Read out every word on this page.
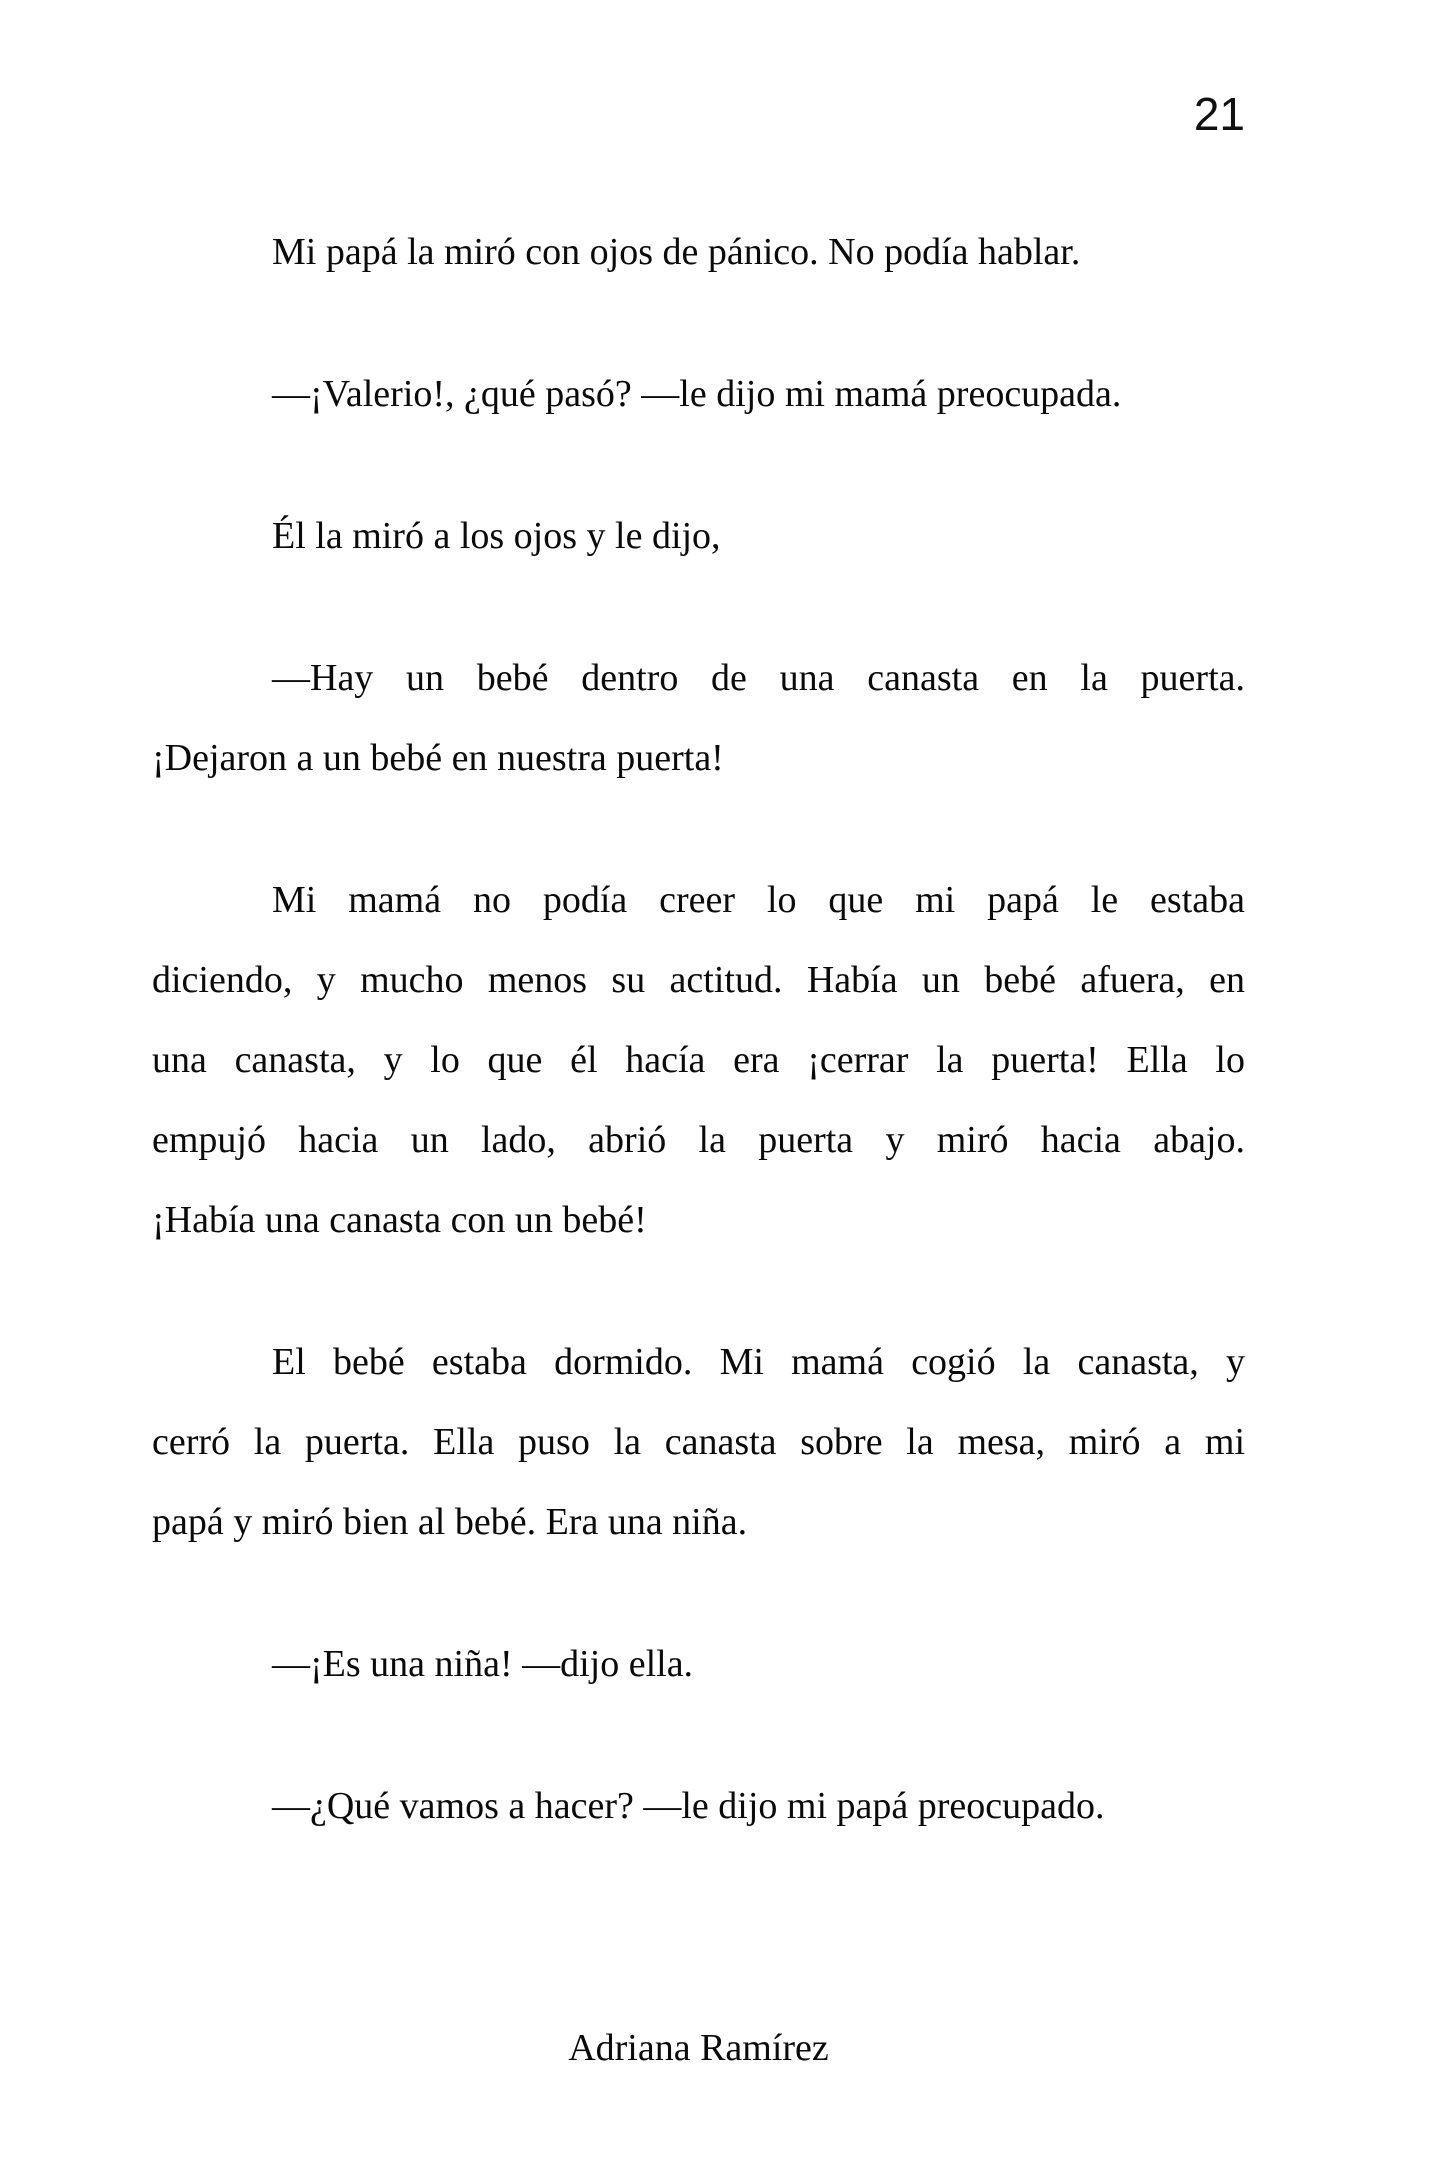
21
Mi papá la miró con ojos de pánico. No podía hablar.
—¡Valerio!, ¿qué pasó? —le dijo mi mamá preocupada.
Él la miró a los ojos y le dijo,
—Hay un bebé dentro de una canasta en la puerta.
¡Dejaron a un bebé en nuestra puerta!
Mi mamá no podía creer lo que mi papá le estaba
diciendo, y mucho menos su actitud. Había un bebé afuera, en
una canasta, y lo que él hacía era ¡cerrar la puerta! Ella lo
empujó hacia un lado, abrió la puerta y miró hacia abajo.
¡Había una canasta con un bebé!
El bebé estaba dormido. Mi mamá cogió la canasta, y
cerró la puerta. Ella puso la canasta sobre la mesa, miró a mi
papá y miró bien al bebé. Era una niña.
—¡Es una niña! —dijo ella.
—¿Qué vamos a hacer? —le dijo mi papá preocupado.
Adriana Ramírez
